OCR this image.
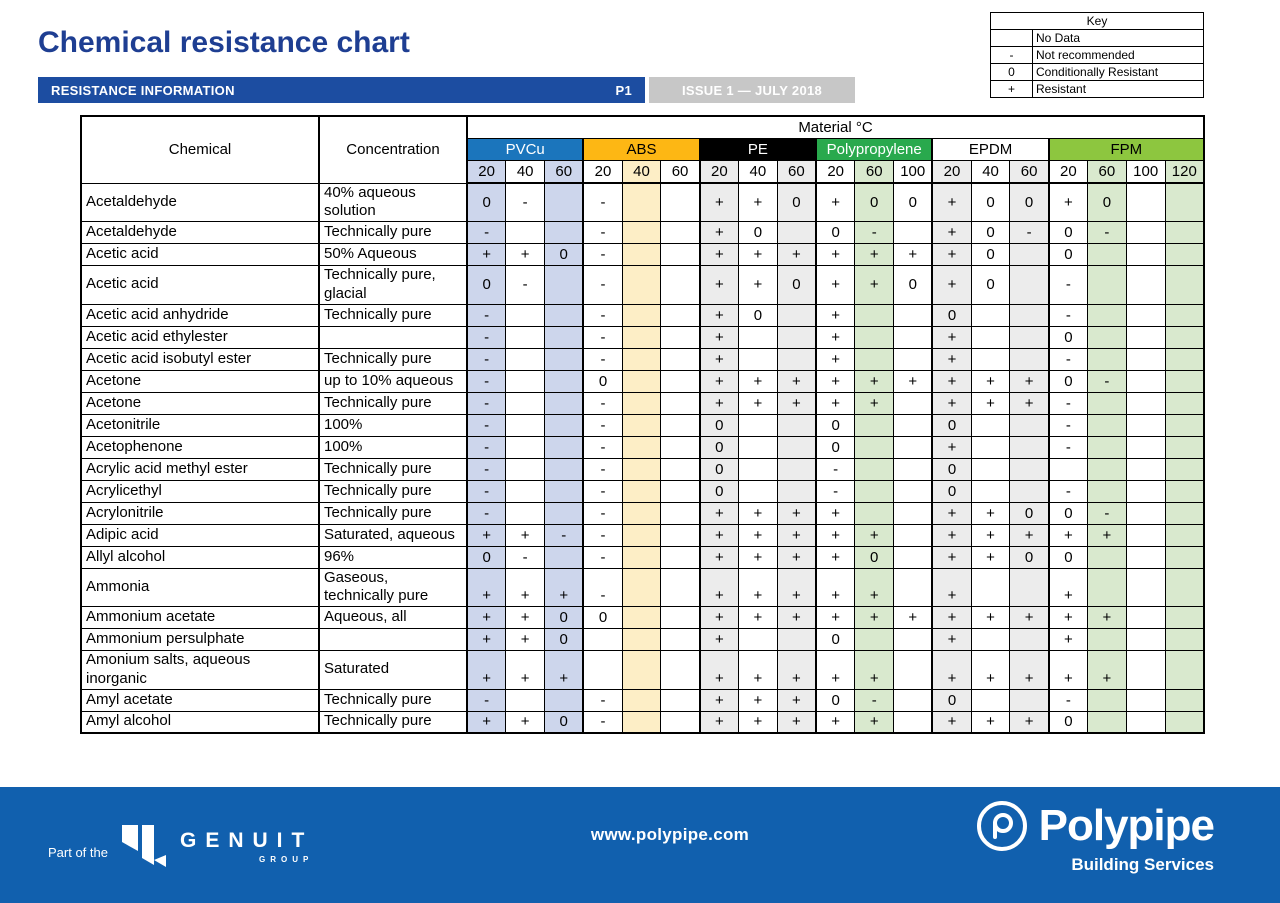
Chemical resistance chart
RESISTANCE INFORMATION	P1	ISSUE 1 — JULY 2018
Key	
	No Data
-	Not recommended
0	Conditionally Resistant
+	Resistant
Chemical	Concentration	Material °C																		
		PVCu			ABS			PE			Polypropylene			EPDM			FPM			
		20	40	60	20	40	60	20	40	60	20	60	100	20	40	60	20	60	100	120
Acetaldehyde	40% aqueous solution	0	-		-			+	+	0	+	0	0	+	0	0	+	0		
Acetaldehyde	Technically pure	-			-			+	0		0	-		+	0	-	0	-		
Acetic acid	50% Aqueous	+	+	0	-			+	+	+	+	+	+	+	0		0			
Acetic acid	Technically pure, glacial	0	-		-			+	+	0	+	+	0	+	0		-			
Acetic acid anhydride	Technically pure	-			-			+	0		+			0			-			
Acetic acid ethylester		-			-			+			+			+			0			
Acetic acid isobutyl ester	Technically pure	-			-			+			+			+			-			
Acetone	up to 10% aqueous	-			0			+	+	+	+	+	+	+	+	+	0	-		
Acetone	Technically pure	-			-			+	+	+	+	+		+	+	+	-			
Acetonitrile	100%	-			-			0			0			0			-			
Acetophenone	100%	-			-			0			0			+			-			
Acrylic acid methyl ester	Technically pure	-			-			0			-			0						
Acrylicethyl	Technically pure	-			-			0			-			0			-			
Acrylonitrile	Technically pure	-			-			+	+	+	+			+	+	0	0	-		
Adipic acid	Saturated, aqueous	+	+	-	-			+	+	+	+	+		+	+	+	+	+		
Allyl alcohol	96%	0	-		-			+	+	+	+	0		+	+	0	0			
Ammonia	Gaseous, technically pure	+	+	+	-			+	+	+	+	+		+			+			
Ammonium acetate	Aqueous, all	+	+	0	0			+	+	+	+	+	+	+	+	+	+	+		
Ammonium persulphate		+	+	0				+			0			+			+			
Amonium salts, aqueous inorganic	Saturated	+	+	+				+	+	+	+	+		+	+	+	+	+		
Amyl acetate	Technically pure	-			-			+	+	+	0	-		0			-			
Amyl alcohol	Technically pure	+	+	0	-			+	+	+	+	+		+	+	+	0			
Part of the
GENUIT
GROUP
www.polypipe.com	Polypipe
Building Services
